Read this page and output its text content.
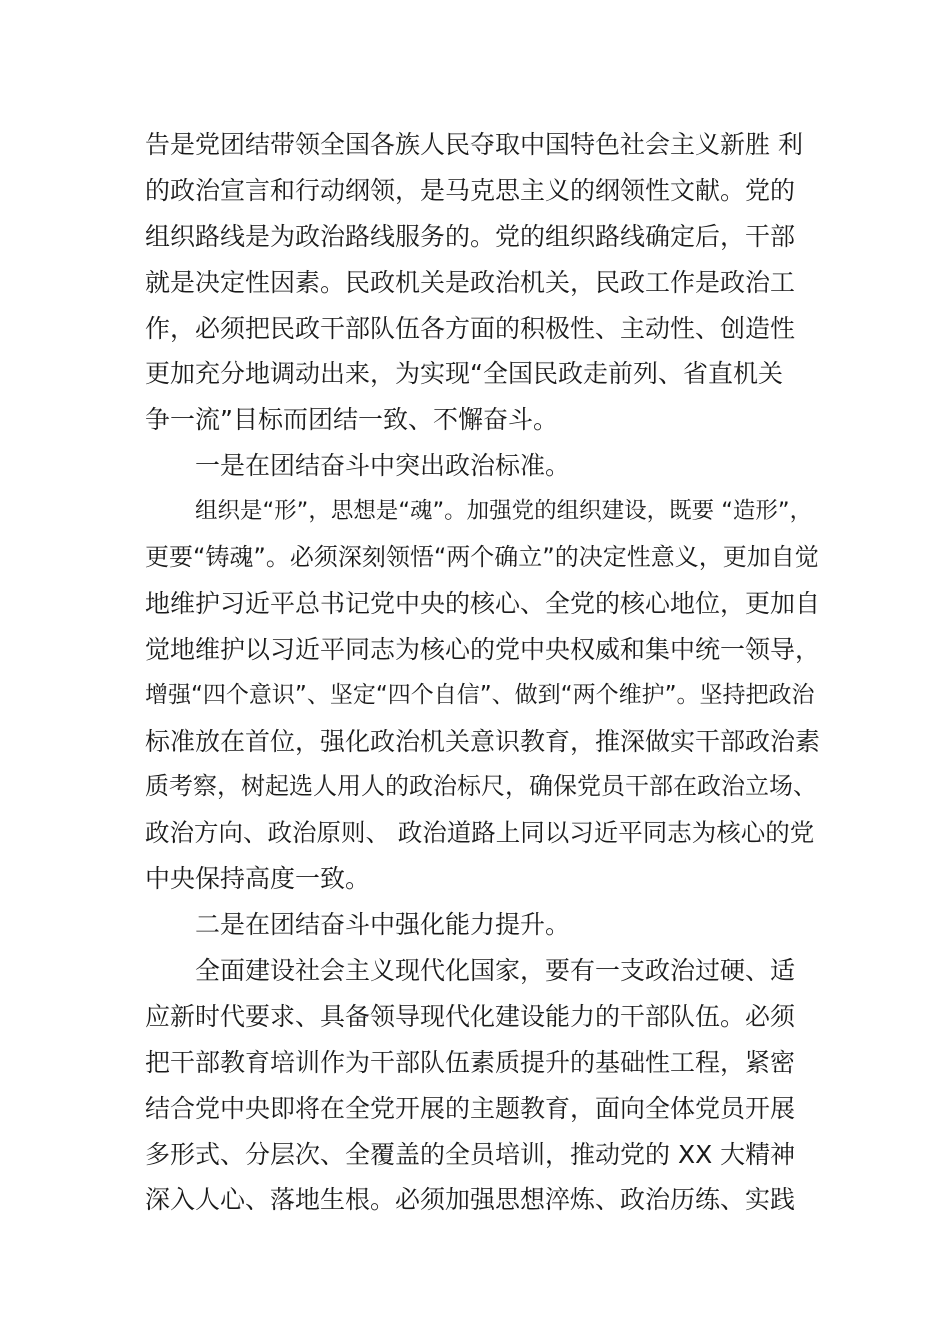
告是党团结带领全国各族人民夺取中国特色社会主义新胜 利
的政治宣言和行动纲领，是马克思主义的纲领性文献。党的
组织路线是为政治路线服务的。党的组织路线确定后，干部
就是决定性因素。民政机关是政治机关，民政工作是政治工
作，必须把民政干部队伍各方面的积极性、主动性、创造性
更加充分地调动出来，为实现“全国民政走前列、省直机关
争一流”目标而团结一致、不懈奋斗。
一是在团结奋斗中突出政治标准。
组织是“形”，思想是“魂”。加强党的组织建设，既要 “造形”，
更要“铸魂”。必须深刻领悟“两个确立”的决定性意义，更加自觉
地维护习近平总书记党中央的核心、全党的核心地位，更加自
觉地维护以习近平同志为核心的党中央权威和集中统一领导，
增强“四个意识”、坚定“四个自信”、做到“两个维护”。坚持把政治
标准放在首位，强化政治机关意识教育，推深做实干部政治素
质考察，树起选人用人的政治标尺，确保党员干部在政治立场、
政治方向、政治原则、 政治道路上同以习近平同志为核心的党
中央保持高度一致。
二是在团结奋斗中强化能力提升。
全面建设社会主义现代化国家，要有一支政治过硬、适
应新时代要求、具备领导现代化建设能力的干部队伍。必须
把干部教育培训作为干部队伍素质提升的基础性工程，紧密
结合党中央即将在全党开展的主题教育，面向全体党员开展
多形式、分层次、全覆盖的全员培训，推动党的 XX 大精神
深入人心、落地生根。必须加强思想淬炼、政治历练、实践
